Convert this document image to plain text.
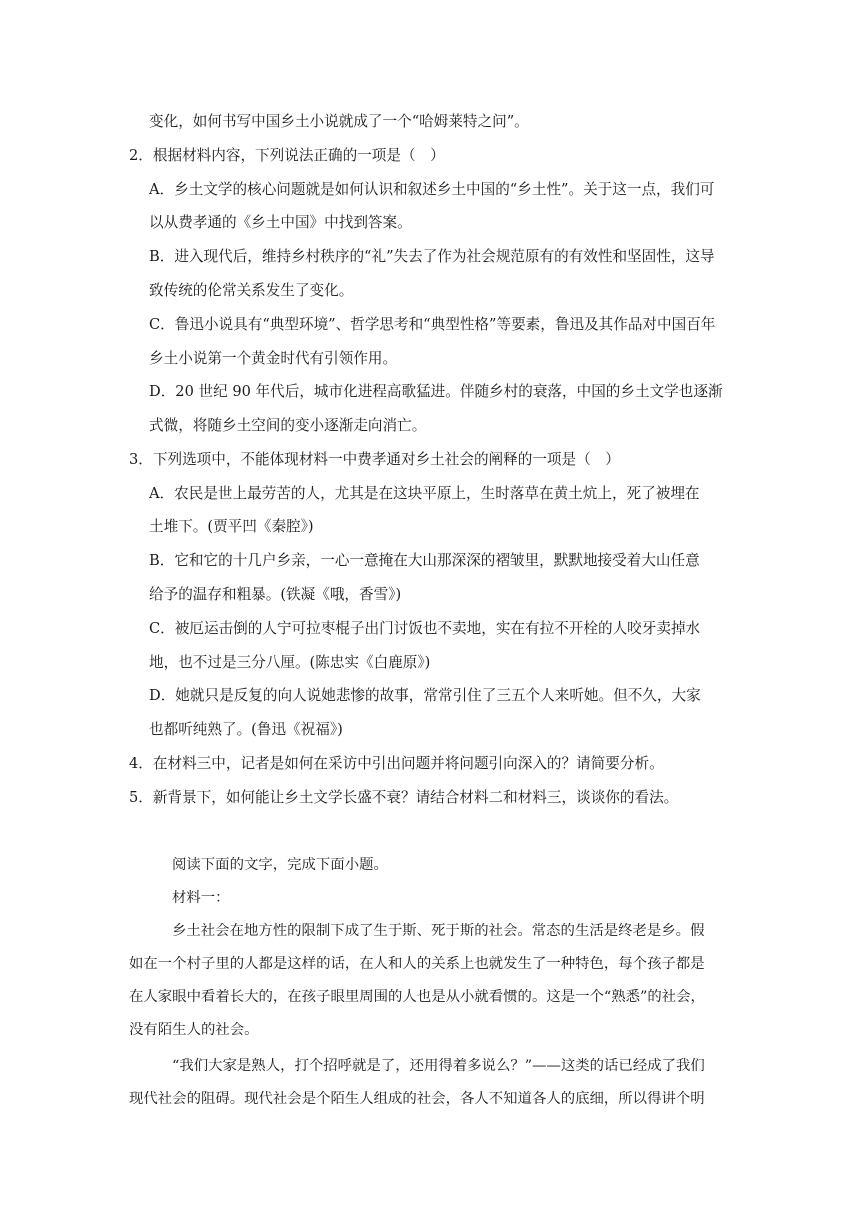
变化，如何书写中国乡土小说就成了一个“哈姆莱特之问”。
2．根据材料内容，下列说法正确的一项是（　）
A．乡土文学的核心问题就是如何认识和叙述乡土中国的“乡土性”。关于这一点，我们可
以从费孝通的《乡土中国》中找到答案。
B．进入现代后，维持乡村秩序的“礼”失去了作为社会规范原有的有效性和坚固性，这导
致传统的伦常关系发生了变化。
C．鲁迅小说具有“典型环境”、哲学思考和“典型性格”等要素，鲁迅及其作品对中国百年
乡土小说第一个黄金时代有引领作用。
D．20 世纪 90 年代后，城市化进程高歌猛进。伴随乡村的衰落，中国的乡土文学也逐渐
式微，将随乡土空间的变小逐渐走向消亡。
3．下列选项中，不能体现材料一中费孝通对乡土社会的阐释的一项是（　）
A．农民是世上最劳苦的人，尤其是在这块平原上，生时落草在黄土炕上，死了被埋在
土堆下。(贾平凹《秦腔》)
B．它和它的十几户乡亲，一心一意掩在大山那深深的褶皱里，默默地接受着大山任意
给予的温存和粗暴。(铁凝《哦，香雪》)
C．被厄运击倒的人宁可拉枣棍子出门讨饭也不卖地，实在有拉不开栓的人咬牙卖掉水
地，也不过是三分八厘。(陈忠实《白鹿原》)
D．她就只是反复的向人说她悲惨的故事，常常引住了三五个人来听她。但不久，大家
也都听纯熟了。(鲁迅《祝福》)
4．在材料三中，记者是如何在采访中引出问题并将问题引向深入的？请简要分析。
5．新背景下，如何能让乡土文学长盛不衰？请结合材料二和材料三，谈谈你的看法。
阅读下面的文字，完成下面小题。
材料一：
乡土社会在地方性的限制下成了生于斯、死于斯的社会。常态的生活是终老是乡。假
如在一个村子里的人都是这样的话，在人和人的关系上也就发生了一种特色，每个孩子都是
在人家眼中看着长大的，在孩子眼里周围的人也是从小就看惯的。这是一个“熟悉”的社会，
没有陌生人的社会。
“我们大家是熟人，打个招呼就是了，还用得着多说么？”——这类的话已经成了我们
现代社会的阻碍。现代社会是个陌生人组成的社会，各人不知道各人的底细，所以得讲个明
